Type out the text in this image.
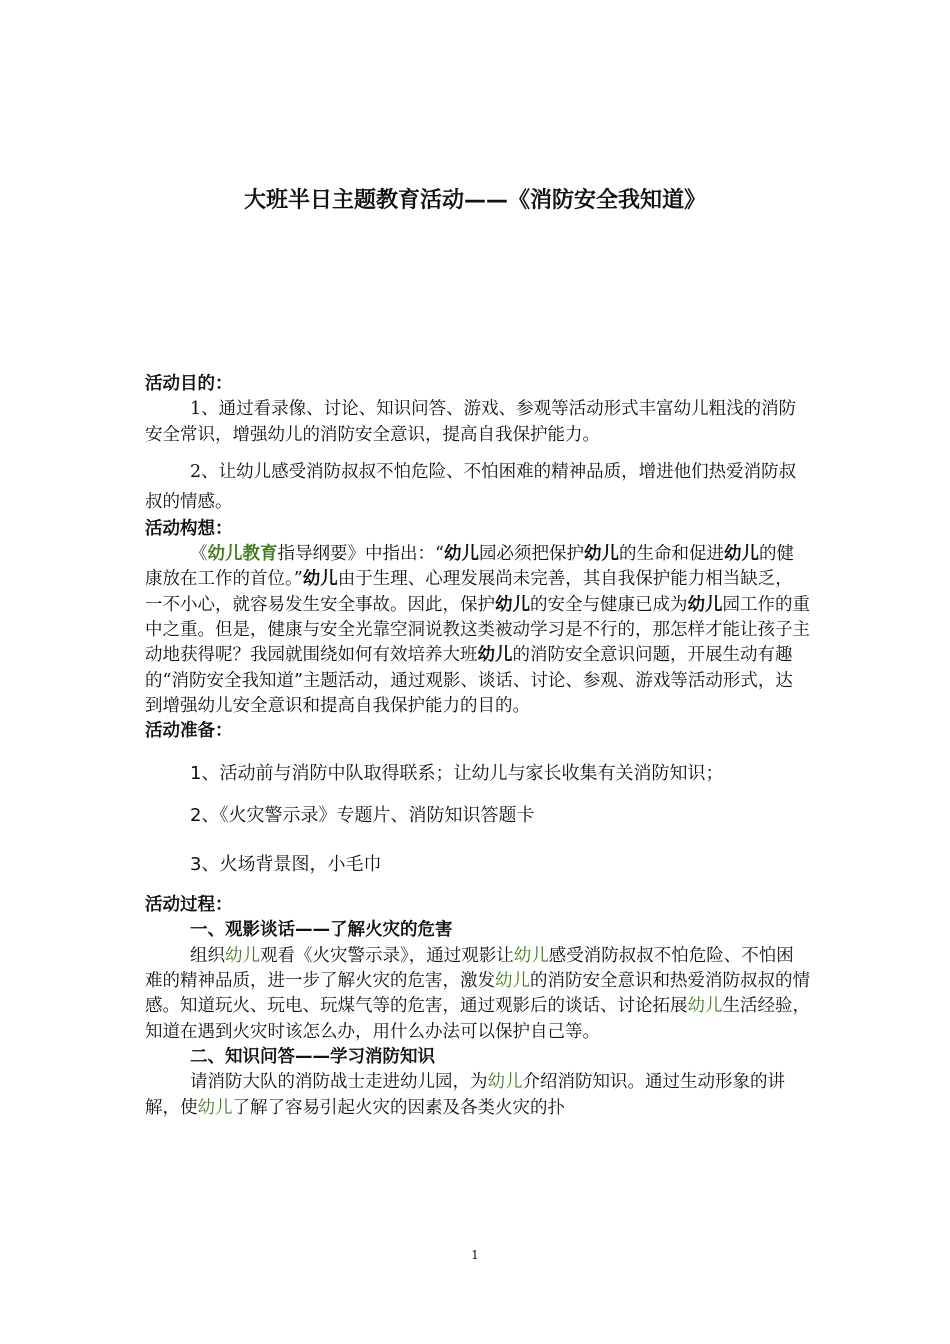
大班半日主题教育活动——《消防安全我知道》

活动目的：

1、通过看录像、讨论、知识问答、游戏、参观等活动形式丰富幼儿粗浅的消防安全常识，增强幼儿的消防安全意识，提高自我保护能力。

2、让幼儿感受消防叔叔不怕危险、不怕困难的精神品质，增进他们热爱消防叔叔的情感。

活动构想：

《幼儿教育指导纲要》中指出：“幼儿园必须把保护幼儿的生命和促进幼儿的健康放在工作的首位。”幼儿由于生理、心理发展尚未完善，其自我保护能力相当缺乏，一不小心，就容易发生安全事故。因此，保护幼儿的安全与健康已成为幼儿园工作的重中之重。但是，健康与安全光靠空洞说教这类被动学习是不行的，那怎样才能让孩子主动地获得呢？我园就围绕如何有效培养大班幼儿的消防安全意识问题，开展生动有趣的“消防安全我知道”主题活动，通过观影、谈话、讨论、参观、游戏等活动形式，达到增强幼儿安全意识和提高自我保护能力的目的。

活动准备：

1、活动前与消防中队取得联系；让幼儿与家长收集有关消防知识；

2、《火灾警示录》专题片、消防知识答题卡

3、火场背景图，小毛巾

活动过程：

一、观影谈话——了解火灾的危害

组织幼儿观看《火灾警示录》，通过观影让幼儿感受消防叔叔不怕危险、不怕困难的精神品质，进一步了解火灾的危害，激发幼儿的消防安全意识和热爱消防叔叔的情感。知道玩火、玩电、玩煤气等的危害，通过观影后的谈话、讨论拓展幼儿生活经验，知道在遇到火灾时该怎么办，用什么办法可以保护自己等。

二、知识问答——学习消防知识

请消防大队的消防战士走进幼儿园，为幼儿介绍消防知识。通过生动形象的讲解，使幼儿了解了容易引起火灾的因素及各类火灾的扑

1
